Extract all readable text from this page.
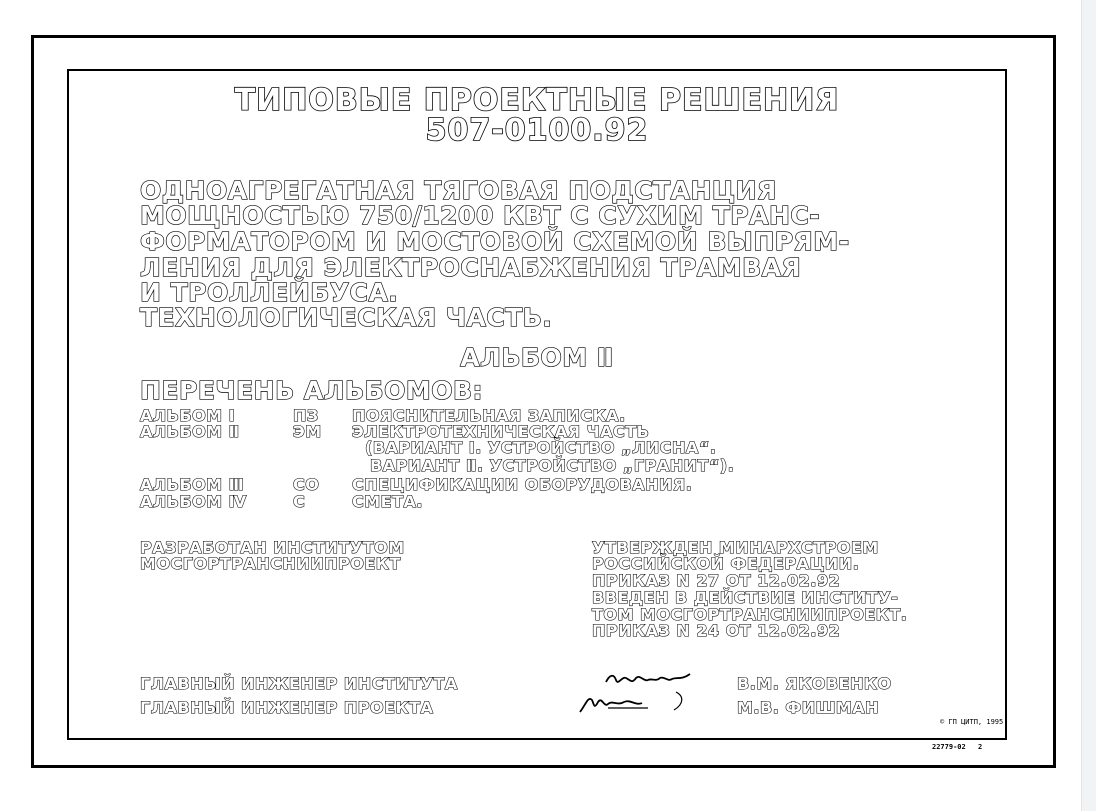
ТИПОВЫЕ ПРОЕКТНЫЕ РЕШЕНИЯ
507-0100.92
ОДНОАГРЕГАТНАЯ ТЯГОВАЯ ПОДСТАНЦИЯ
МОЩНОСТЬЮ 750/1200 КВТ С СУХИМ ТРАНС-
ФОРМАТОРОМ И МОСТОВОЙ СХЕМОЙ ВЫПРЯМ-
ЛЕНИЯ ДЛЯ ЭЛЕКТРОСНАБЖЕНИЯ ТРАМВАЯ
И ТРОЛЛЕЙБУСА.
ТЕХНОЛОГИЧЕСКАЯ ЧАСТЬ.
АЛЬБОМ Ⅱ
ПЕРЕЧЕНЬ АЛЬБОМОВ:
АЛЬБОМ Ⅰ	ПЗ ПОЯСНИТЕЛЬНАЯ ЗАПИСКА.
АЛЬБОМ Ⅱ	ЭМ ЭЛЕКТРОТЕХНИЧЕСКАЯ ЧАСТЬ
(ВАРИАНТ Ⅰ. УСТРОЙСТВО „ЛИСНА“.
ВАРИАНТ Ⅱ. УСТРОЙСТВО „ГРАНИТ“).
АЛЬБОМ Ⅲ	СО СПЕЦИФИКАЦИИ ОБОРУДОВАНИЯ.
АЛЬБОМ Ⅳ	С	СМЕТА.
РАЗРАБОТАН ИНСТИТУТОМ
МОСГОРТРАНСНИИПРОЕКТ
УТВЕРЖДЕН МИНАРХСТРОЕМ
РОССИЙСКОЙ ФЕДЕРАЦИИ.
ПРИКАЗ N 27 ОТ 12.02.92
ВВЕДЕН В ДЕЙСТВИЕ ИНСТИТУ-
ТОМ МОСГОРТРАНСНИИПРОЕКТ.
ПРИКАЗ N 24 ОТ 12.02.92
ГЛАВНЫЙ ИНЖЕНЕР ИНСТИТУТА	В.М. ЯКОВЕНКО
ГЛАВНЫЙ ИНЖЕНЕР ПРОЕКТА	М.В. ФИШМАН
© ГП ЦИТП, 1995
22779-02 2
